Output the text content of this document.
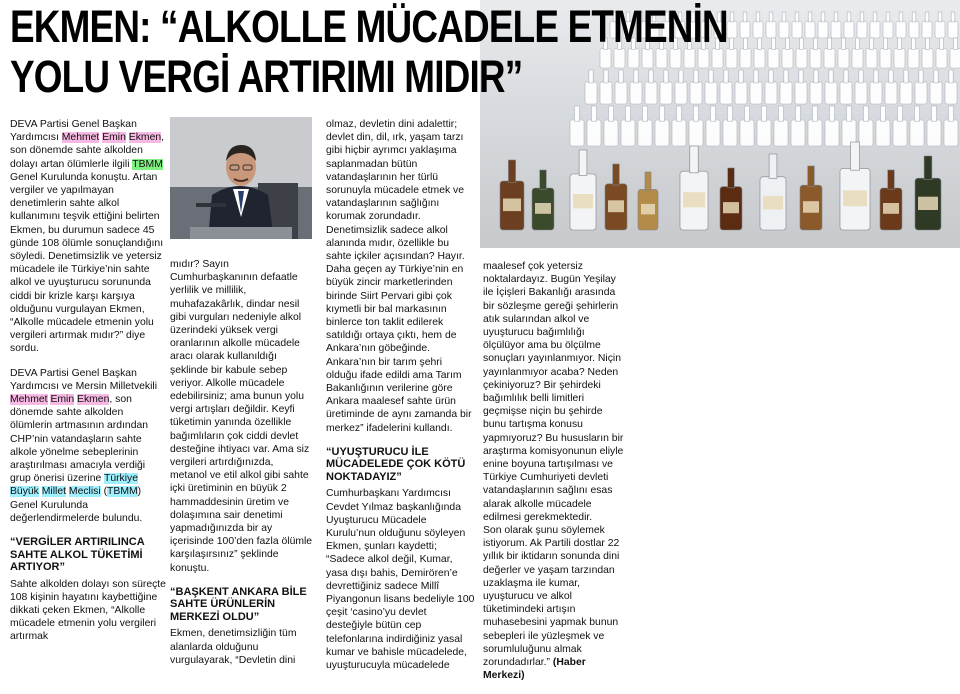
EKMEN: “ALKOLLE MÜCADELE ETMENİN
YOLU VERGİ ARTIRIMI MIDIR”

DEVA Partisi Genel Başkan Yardımcısı Mehmet Emin Ekmen, son dönemde sahte alkolden dolayı artan ölümlerle ilgili TBMM Genel Kurulunda konuştu. Artan vergiler ve yapılmayan denetimlerin sahte alkol kullanımını teşvik ettiğini belirten Ekmen, bu durumun sadece 45 günde 108 ölümle sonuçlandığını söyledi. Denetimsizlik ve yetersiz mücadele ile Türkiye’nin sahte alkol ve uyuşturucu sorununda ciddi bir krizle karşı karşıya olduğunu vurgulayan Ekmen, “Alkolle mücadele etmenin yolu vergileri artırmak mıdır?” diye sordu.

DEVA Partisi Genel Başkan Yardımcısı ve Mersin Milletvekili Mehmet Emin Ekmen, son dönemde sahte alkolden ölümlerin artmasının ardından CHP’nin vatandaşların sahte alkole yönelme sebeplerinin araştırılması amacıyla verdiği grup önerisi üzerine Türkiye Büyük Millet Meclisi (TBMM) Genel Kurulunda değerlendirmelerde bulundu.

“VERGİLER ARTIRILINCA SAHTE ALKOL TÜKETİMİ ARTIYOR”

Sahte alkolden dolayı son süreçte 108 kişinin hayatını kaybettiğine dikkati çeken Ekmen, “Alkolle mücadele etmenin yolu vergileri artırmak

mıdır? Sayın Cumhurbaşkanının defaatle yerlilik ve millilik, muhafazakârlık, dindar nesil gibi vurguları nedeniyle alkol üzerindeki yüksek vergi oranlarının alkolle mücadele aracı olarak kullanıldığı şeklinde bir kabule sebep veriyor. Alkolle mücadele edebilirsiniz; ama bunun yolu vergi artışları değildir. Keyfi tüketimin yanında özellikle bağımlıların çok ciddi devlet desteğine ihtiyacı var. Ama siz vergileri artırdığınızda, metanol ve etil alkol gibi sahte içki üretiminin en büyük 2 hammaddesinin üretim ve dolaşımına sair denetimi yapmadığınızda bir ay içerisinde 100’den fazla ölümle karşılaşırsınız” şeklinde konuştu.

“BAŞKENT ANKARA BİLE SAHTE ÜRÜNLERİN MERKEZİ OLDU”

Ekmen, denetimsizliğin tüm alanlarda olduğunu vurgulayarak, “Devletin dini

olmaz, devletin dini adalettir; devlet din, dil, ırk, yaşam tarzı gibi hiçbir ayrımcı yaklaşıma saplanmadan bütün vatandaşlarının her türlü sorunuyla mücadele etmek ve vatandaşlarının sağlığını korumak zorundadır. Denetimsizlik sadece alkol alanında mıdır, özellikle bu sahte içkiler açısından? Hayır. Daha geçen ay Türkiye’nin en büyük zincir marketlerinden birinde Siirt Pervari gibi çok kıymetli bir bal markasının binlerce ton taklit edilerek satıldığı ortaya çıktı, hem de Ankara’nın göbeğinde. Ankara’nın bir tarım şehri olduğu ifade edildi ama Tarım Bakanlığının verilerine göre Ankara maalesef sahte ürün üretiminde de aynı zamanda bir merkez” ifadelerini kullandı.

“UYUŞTURUCU İLE MÜCADELEDE ÇOK KÖTÜ NOKTADAYIZ”

Cumhurbaşkanı Yardımcısı Cevdet Yılmaz başkanlığında Uyuşturucu Mücadele Kurulu’nun olduğunu söyleyen Ekmen, şunları kaydetti; “Sadece alkol değil, Kumar, yasa dışı bahis, Demirören’e devrettiğiniz sadece Millî Piyangonun lisans bedeliyle 100 çeşit ‘casino’yu devlet desteğiyle bütün cep telefonlarına indirdiğiniz yasal kumar ve bahisle mücadelede, uyuşturucuyla mücadelede

maalesef çok yetersiz noktalardayız. Bugün Yeşilay ile İçişleri Bakanlığı arasında bir sözleşme gereği şehirlerin atık sularından alkol ve uyuşturucu bağımlılığı ölçülüyor ama bu ölçülme sonuçları yayınlanmıyor. Niçin yayınlanmıyor acaba? Neden çekiniyoruz? Bir şehirdeki bağımlılık belli limitleri geçmişse niçin bu şehirde bunu tartışma konusu yapmıyoruz? Bu hususların bir araştırma komisyonunun eliyle enine boyuna tartışılması ve Türkiye Cumhuriyeti devleti vatandaşlarının sağlını esas alarak alkolle mücadele edilmesi gerekmektedir.

Son olarak şunu söylemek istiyorum. Ak Partili dostlar 22 yıllık bir iktidarın sonunda dini değerler ve yaşam tarzından uzaklaşma ile kumar, uyuşturucu ve alkol tüketimindeki artışın muhasebesini yapmak bunun sebepleri ile yüzleşmek ve sorumluluğunu almak zorundadırlar.” (Haber Merkezi)
